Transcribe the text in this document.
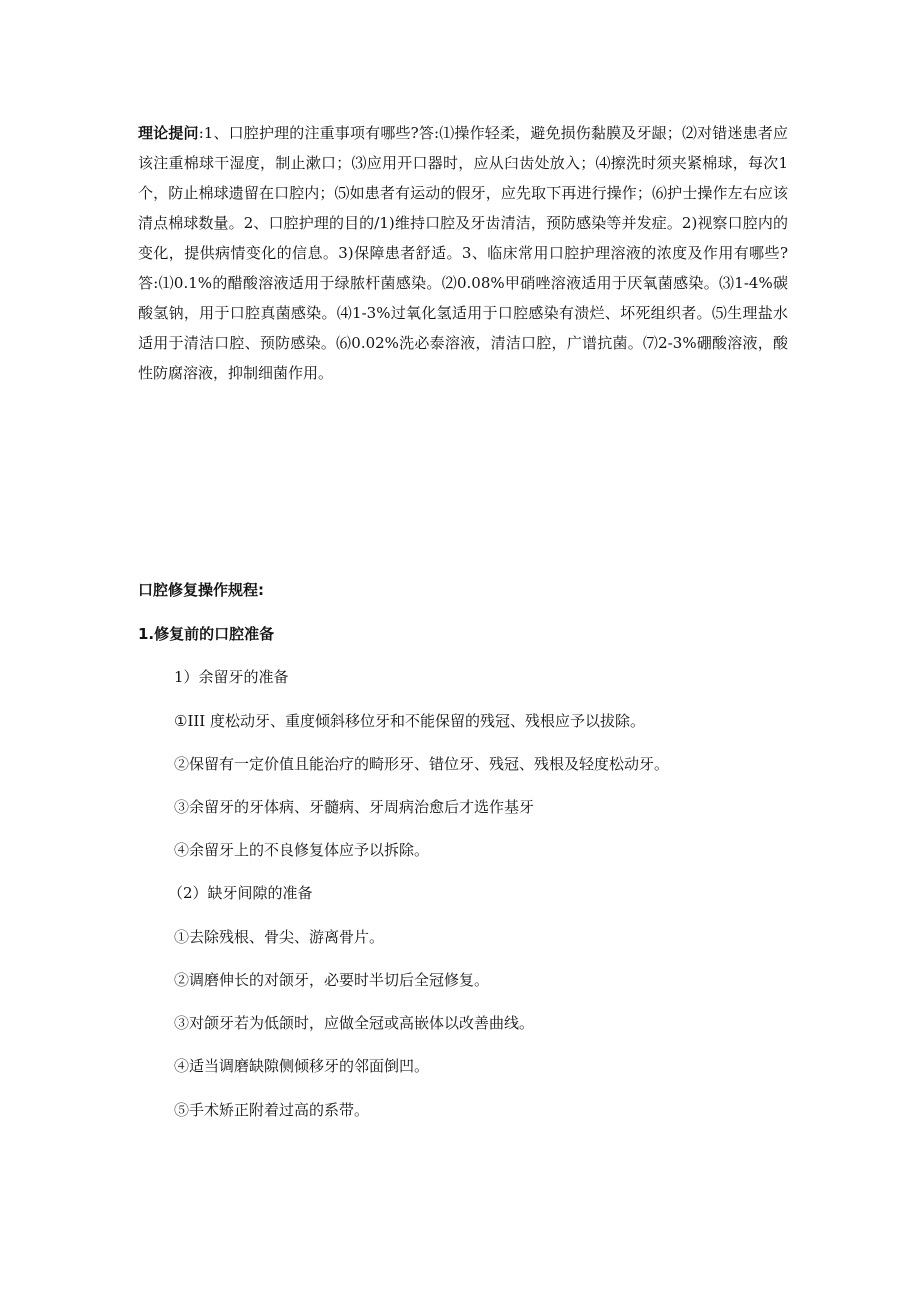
理论提问:1、口腔护理的注重事项有哪些?答:⑴操作轻柔，避免损伤黏膜及牙龈；⑵对错迷患者应该注重棉球干湿度，制止漱口；⑶应用开口器时，应从臼齿处放入；⑷擦洗时须夹紧棉球，每次1个，防止棉球遗留在口腔内；⑸如患者有运动的假牙，应先取下再进行操作；⑹护士操作左右应该清点棉球数量。2、口腔护理的目的/1)维持口腔及牙齿清洁，预防感染等并发症。2)视察口腔内的变化，提供病情变化的信息。3)保障患者舒适。3、临床常用口腔护理溶液的浓度及作用有哪些?答:⑴0.1%的醋酸溶液适用于绿脓杆菌感染。⑵0.08%甲硝唑溶液适用于厌氧菌感染。⑶1-4%碳酸氢钠，用于口腔真菌感染。⑷1-3%过氧化氢适用于口腔感染有溃烂、坏死组织者。⑸生理盐水适用于清洁口腔、预防感染。⑹0.02%洗必泰溶液，清洁口腔，广谱抗菌。⑺2-3%硼酸溶液，酸性防腐溶液，抑制细菌作用。
口腔修复操作规程:
1.修复前的口腔准备
1）余留牙的准备
①III 度松动牙、重度倾斜移位牙和不能保留的残冠、残根应予以拔除。
②保留有一定价值且能治疗的畸形牙、错位牙、残冠、残根及轻度松动牙。
③余留牙的牙体病、牙髓病、牙周病治愈后才选作基牙
④余留牙上的不良修复体应予以拆除。
（2）缺牙间隙的准备
①去除残根、骨尖、游离骨片。
②调磨伸长的对颌牙，必要时半切后全冠修复。
③对颌牙若为低颌时，应做全冠或高嵌体以改善曲线。
④适当调磨缺隙侧倾移牙的邻面倒凹。
⑤手术矫正附着过高的系带。
